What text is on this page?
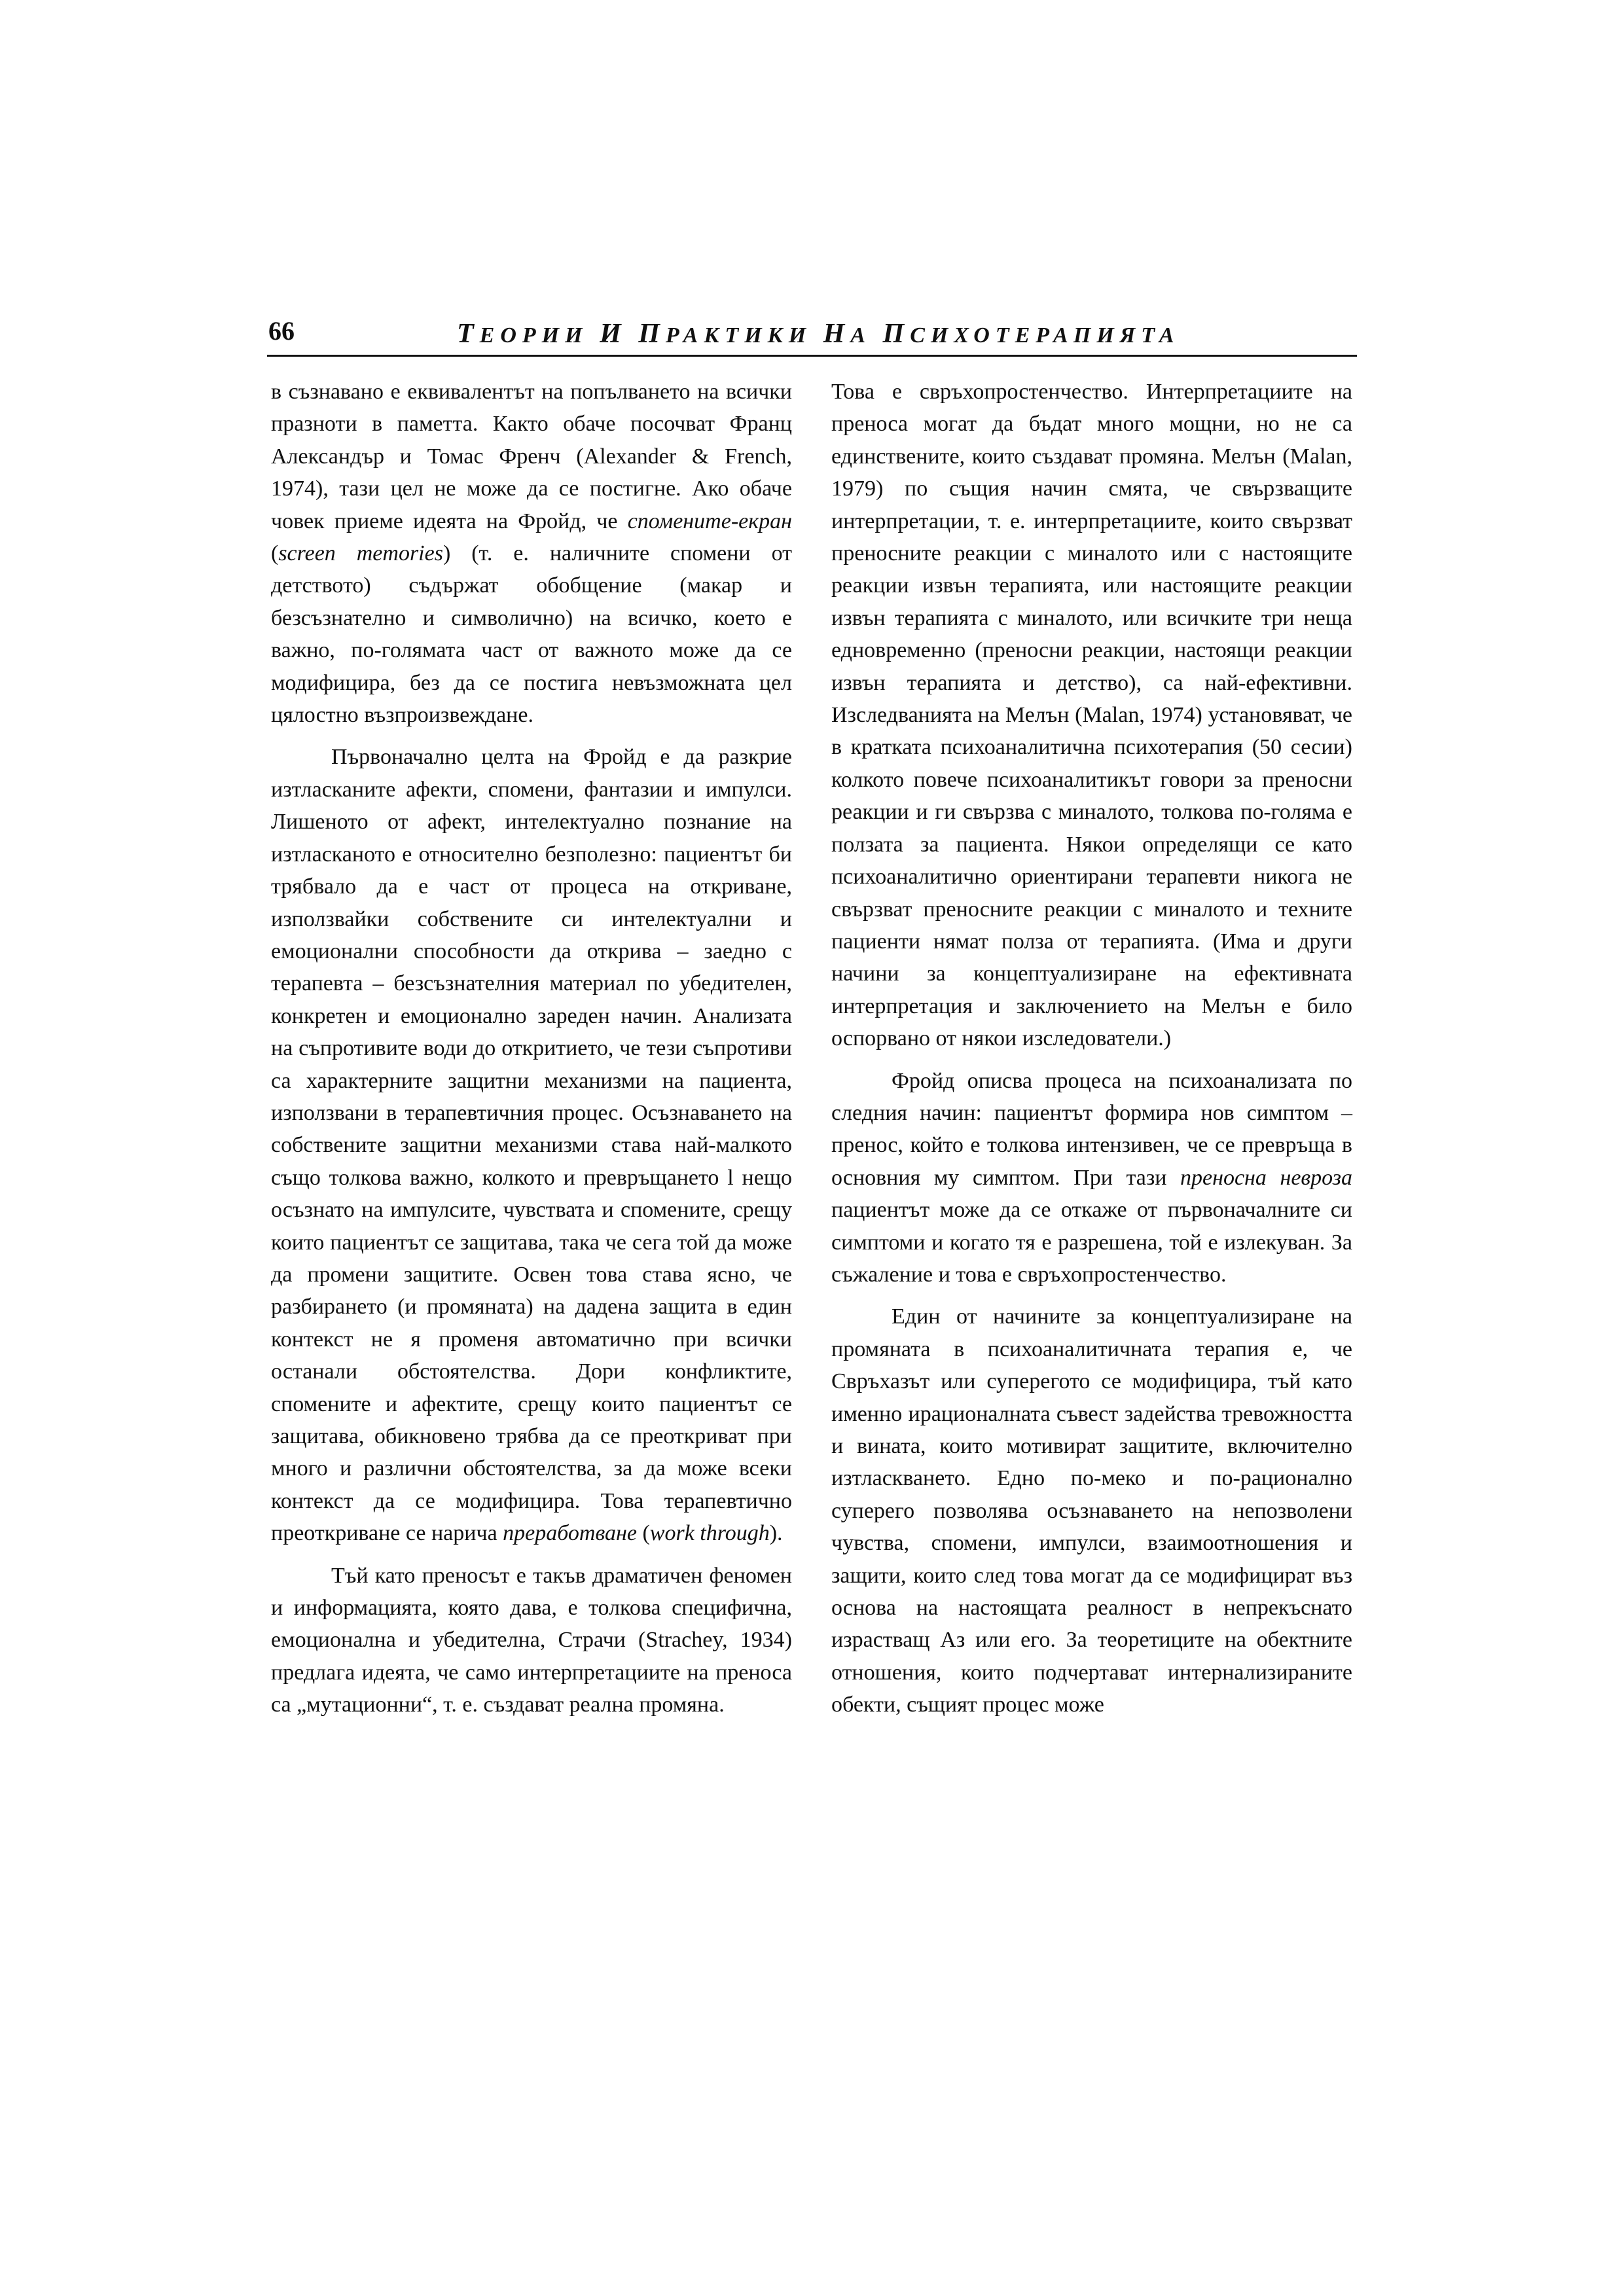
66	ТЕОРИИ И ПРАКТИКИ НА ПСИХОТЕРАПИЯТА

в съзнавано е еквивалентът на попълването на всички празноти в паметта. Както обаче посочват Франц Александър и Томас Френч (Alexander & French, 1974), тази цел не може да се постигне. Ако обаче човек приеме идеята на Фройд, че спомените-екран (screen memories) (т. е. наличните спомени от детството) съдържат обобщение (макар и безсъзнателно и символично) на всичко, което е важно, по-голямата част от важното може да се модифицира, без да се постига невъзможната цел цялостно възпроизвеждане.

Първоначално целта на Фройд е да разкрие изтласканите афекти, спомени, фантазии и импулси. Лишеното от афект, интелектуално познание на изтласканото е относително безполезно: пациентът би трябвало да е част от процеса на откриване, използвайки собствените си интелектуални и емоционални способности да открива – заедно с терапевта – безсъзнателния материал по убедителен, конкретен и емоционално зареден начин. Анализата на съпротивите води до откритието, че тези съпротиви са характерните защитни механизми на пациента, използвани в терапевтичния процес. Осъзнаването на собствените защитни механизми става най-малкото също толкова важно, колкото и превръщането l нещо осъзнато на импулсите, чувствата и спомените, срещу които пациентът се защитава, така че сега той да може да промени защитите. Освен това става ясно, че разбирането (и промяната) на дадена защита в един контекст не я променя автоматично при всички останали обстоятелства. Дори конфликтите, спомените и афектите, срещу които пациентът се защитава, обикновено трябва да се преоткриват при много и различни обстоятелства, за да може всеки контекст да се модифицира. Това терапевтично преоткриване се нарича преработване (work through).

Тъй като преносът е такъв драматичен феномен и информацията, която дава, е толкова специфична, емоционална и убедителна, Страчи (Strachey, 1934) предлага идеята, че само интерпретациите на преноса са „мутационни“, т. е. създават реална промяна.

Това е свръхопростенчество. Интерпретациите на преноса могат да бъдат много мощни, но не са единствените, които създават промяна. Мелън (Malan, 1979) по същия начин смята, че свързващите интерпретации, т. е. интерпретациите, които свързват преносните реакции с миналото или с настоящите реакции извън терапията, или настоящите реакции извън терапията с миналото, или всичките три неща едновременно (преносни реакции, настоящи реакции извън терапията и детство), са най-ефективни. Изследванията на Мелън (Malan, 1974) установяват, че в кратката психоаналитична психотерапия (50 сесии) колкото повече психоаналитикът говори за преносни реакции и ги свързва с миналото, толкова по-голяма е ползата за пациента. Някои определящи се като психоаналитично ориентирани терапевти никога не свързват преносните реакции с миналото и техните пациенти нямат полза от терапията. (Има и други начини за концептуализиране на ефективната интерпретация и заключението на Мелън е било оспорвано от някои изследователи.)

Фройд описва процеса на психоанализата по следния начин: пациентът формира нов симптом – пренос, който е толкова интензивен, че се превръща в основния му симптом. При тази преносна невроза пациентът може да се откаже от първоначалните си симптоми и когато тя е разрешена, той е излекуван. За съжаление и това е свръхопростенчество.

Един от начините за концептуализиране на промяната в психоаналитичната терапия е, че Свръхазът или суперегото се модифицира, тъй като именно ирационалната съвест задейства тревожността и вината, които мотивират защитите, включително изтласкването. Едно по-меко и по-рационално суперего позволява осъзнаването на непозволени чувства, спомени, импулси, взаимоотношения и защити, които след това могат да се модифицират въз основа на настоящата реалност в непрекъснато израстващ Аз или его. За теоретиците на обектните отношения, които подчертават интернализираните обекти, същият процес може
